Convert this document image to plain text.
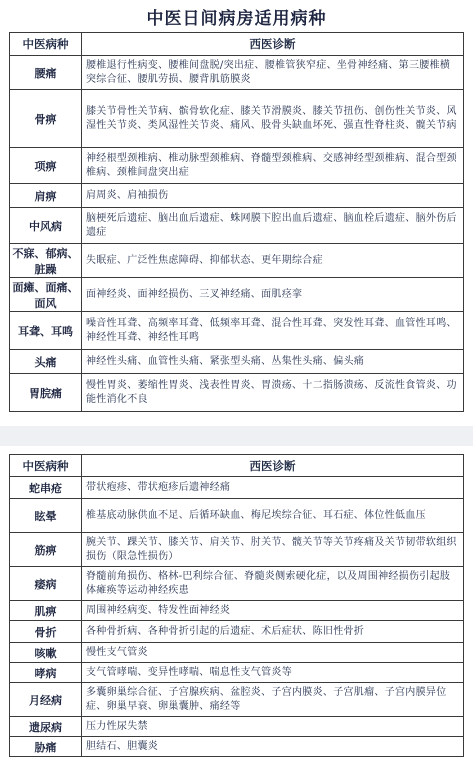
中医日间病房适用病种
中医病种	西医诊断
腰痛	腰椎退行性病变、腰椎间盘脱/突出症、腰椎管狭窄症、坐骨神经痛、第三腰椎横突综合征、腰肌劳损、腰背肌筋膜炎
骨痹	膝关节骨性关节病、髌骨软化症、膝关节滑膜炎、膝关节扭伤、创伤性关节炎、风湿性关节炎、类风湿性关节炎、痛风、股骨头缺血坏死、强直性脊柱炎、髋关节病
项痹	神经根型颈椎病、椎动脉型颈椎病、脊髓型颈椎病、交感神经型颈椎病、混合型颈椎病、颈椎间盘突出症
肩痹	肩周炎、肩袖损伤
中风病	脑梗死后遗症、脑出血后遗症、蛛网膜下腔出血后遗症、脑血栓后遗症、脑外伤后遗症
不寐、郁病、脏躁	失眠症、广泛性焦虑障碍、抑郁状态、更年期综合症
面瘫、面痛、面风	面神经炎、面神经损伤、三叉神经痛、面肌痉挛
耳聋、耳鸣	噪音性耳聋、高频率耳聋、低频率耳聋、混合性耳聋、突发性耳聋、血管性耳鸣、神经性耳聋、神经性耳鸣
头痛	神经性头痛、血管性头痛、紧张型头痛、丛集性头痛、偏头痛
胃脘痛	慢性胃炎、萎缩性胃炎、浅表性胃炎、胃溃疡、十二指肠溃疡、反流性食管炎、功能性消化不良
中医病种	西医诊断
蛇串疮	带状疱疹、带状疱疹后遗神经痛
眩晕	椎基底动脉供血不足、后循环缺血、梅尼埃综合征、耳石症、体位性低血压
筋痹	腕关节、踝关节、膝关节、肩关节、肘关节、髋关节等关节疼痛及关节韧带软组织损伤（限急性损伤）
痿病	脊髓前角损伤、格林-巴利综合征、脊髓炎侧索硬化症，以及周围神经损伤引起肢体瘫痪等运动神经疾患
肌痹	周围神经病变、特发性面神经炎
骨折	各种骨折病、各种骨折引起的后遗症、术后症状、陈旧性骨折
咳嗽	慢性支气管炎
哮病	支气管哮喘、变异性哮喘、喘息性支气管炎等
月经病	多囊卵巢综合征、子宫腺疾病、盆腔炎、子宫内膜炎、子宫肌瘤、子宫内膜异位症、卵巢早衰、卵巢囊肿、痛经等
遗尿病	压力性尿失禁
胁痛	胆结石、胆囊炎
